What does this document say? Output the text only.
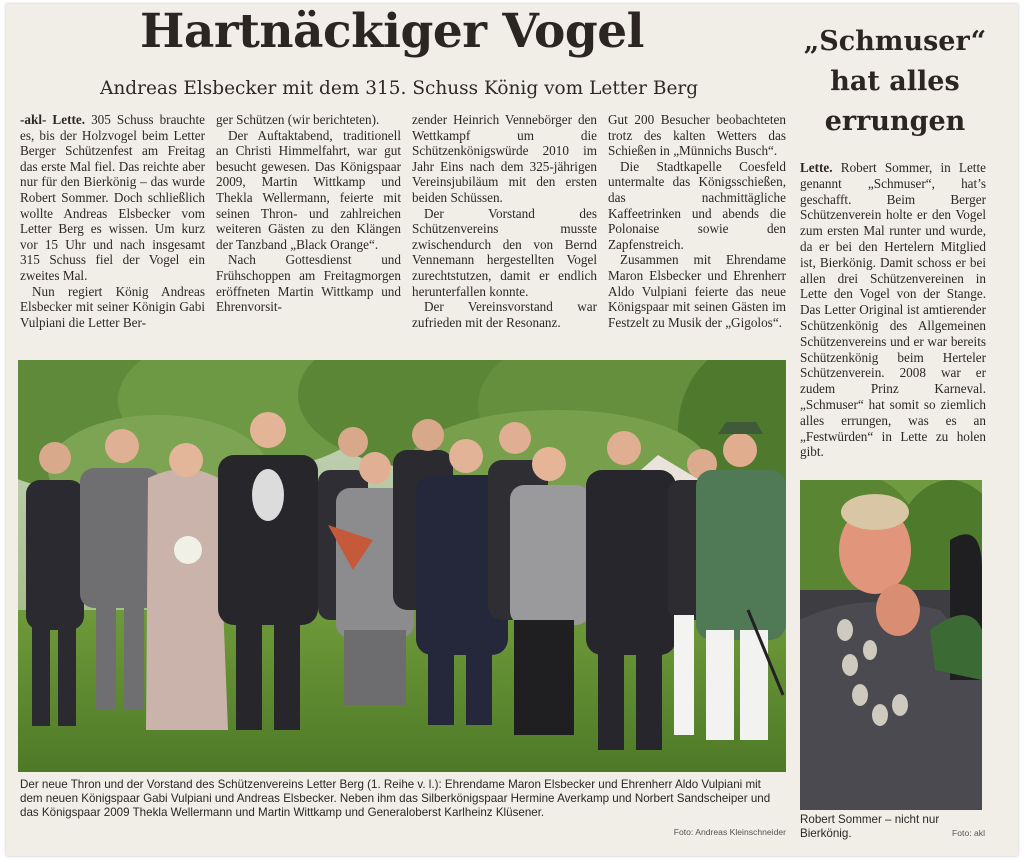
Hartnäckiger Vogel
Andreas Elsbecker mit dem 315. Schuss König vom Letter Berg
„Schmuser“ hat alles errungen

-akl- Lette. 305 Schuss brauchte es, bis der Holzvogel beim Letter Berger Schützenfest am Freitag das erste Mal fiel. Das reichte aber nur für den Bierkönig – das wurde Robert Sommer. Doch schließlich wollte Andreas Elsbecker vom Letter Berg es wissen. Um kurz vor 15 Uhr und nach insgesamt 315 Schuss fiel der Vogel ein zweites Mal.

Nun regiert König Andreas Elsbecker mit seiner Königin Gabi Vulpiani die Letter Ber-

ger Schützen (wir berichteten).

Der Auftaktabend, traditionell an Christi Himmelfahrt, war gut besucht gewesen. Das Königspaar 2009, Martin Wittkamp und Thekla Wellermann, feierte mit seinen Thron- und zahlreichen weiteren Gästen zu den Klängen der Tanzband „Black Orange“.

Nach Gottesdienst und Frühschoppen am Freitagmorgen eröffneten Martin Wittkamp und Ehrenvorsit-

zender Heinrich Vennebörger den Wettkampf um die Schützenkönigswürde 2010 im Jahr Eins nach dem 325-jährigen Vereinsjubiläum mit den ersten beiden Schüssen.

Der Vorstand des Schützenvereins musste zwischendurch den von Bernd Vennemann hergestellten Vogel zurechtstutzen, damit er endlich herunterfallen konnte.

Der Vereinsvorstand war zufrieden mit der Resonanz.

Gut 200 Besucher beobachteten trotz des kalten Wetters das Schießen in „Münnichs Busch“.

Die Stadtkapelle Coesfeld untermalte das Königsschießen, das nachmittägliche Kaffeetrinken und abends die Polonaise sowie den Zapfenstreich.

Zusammen mit Ehrendame Maron Elsbecker und Ehrenherr Aldo Vulpiani feierte das neue Königspaar mit seinen Gästen im Festzelt zu Musik der „Gigolos“.

Lette. Robert Sommer, in Lette genannt „Schmuser“, hat’s geschafft. Beim Berger Schützenverein holte er den Vogel zum ersten Mal runter und wurde, da er bei den Hertelern Mitglied ist, Bierkönig. Damit schoss er bei allen drei Schützenvereinen in Lette den Vogel von der Stange. Das Letter Original ist amtierender Schützenkönig des Allgemeinen Schützenvereins und er war bereits Schützenkönig beim Herteler Schützenverein. 2008 war er zudem Prinz Karneval. „Schmuser“ hat somit so ziemlich alles errungen, was es an „Festwürden“ in Lette zu holen gibt.

Der neue Thron und der Vorstand des Schützenvereins Letter Berg (1. Reihe v. l.): Ehrendame Maron Elsbecker und Ehrenherr Aldo Vulpiani mit dem neuen Königspaar Gabi Vulpiani und Andreas Elsbecker. Neben ihm das Silberkönigspaar Hermine Averkamp und Norbert Sandscheiper und das Königspaar 2009 Thekla Wellermann und Martin Wittkamp und Generaloberst Karlheinz Klüsener.
Foto: Andreas Kleinschneider
Robert Sommer – nicht nur Bierkönig.	Foto: akl
